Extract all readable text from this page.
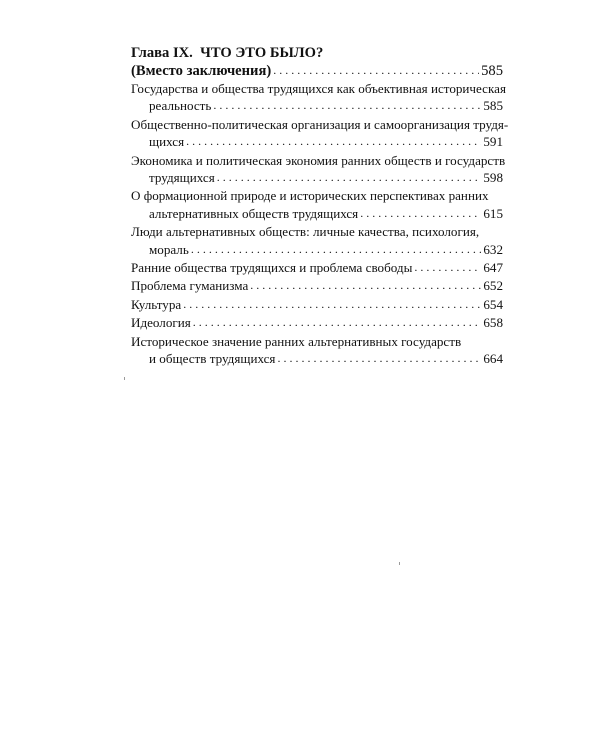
Глава IX. ЧТО ЭТО БЫЛО?
(Вместо заключения) . . .	585
Государства и общества трудящихся как объективная историческая
реальность . . .	585
Общественно-политическая организация и самоорганизация трудя-
щихся . . .	591
Экономика и политическая экономия ранних обществ и государств
трудящихся . . .	598
О формационной природе и исторических перспективах ранних
альтернативных обществ трудящихся . . .	615
Люди альтернативных обществ: личные качества, психология,
мораль . . .	632
Ранние общества трудящихся и проблема свободы . . .	647
Проблема гуманизма . . .	652
Культура . . .	654
Идеология . . .	658
Историческое значение ранних альтернативных государств
и обществ трудящихся . . .	664
